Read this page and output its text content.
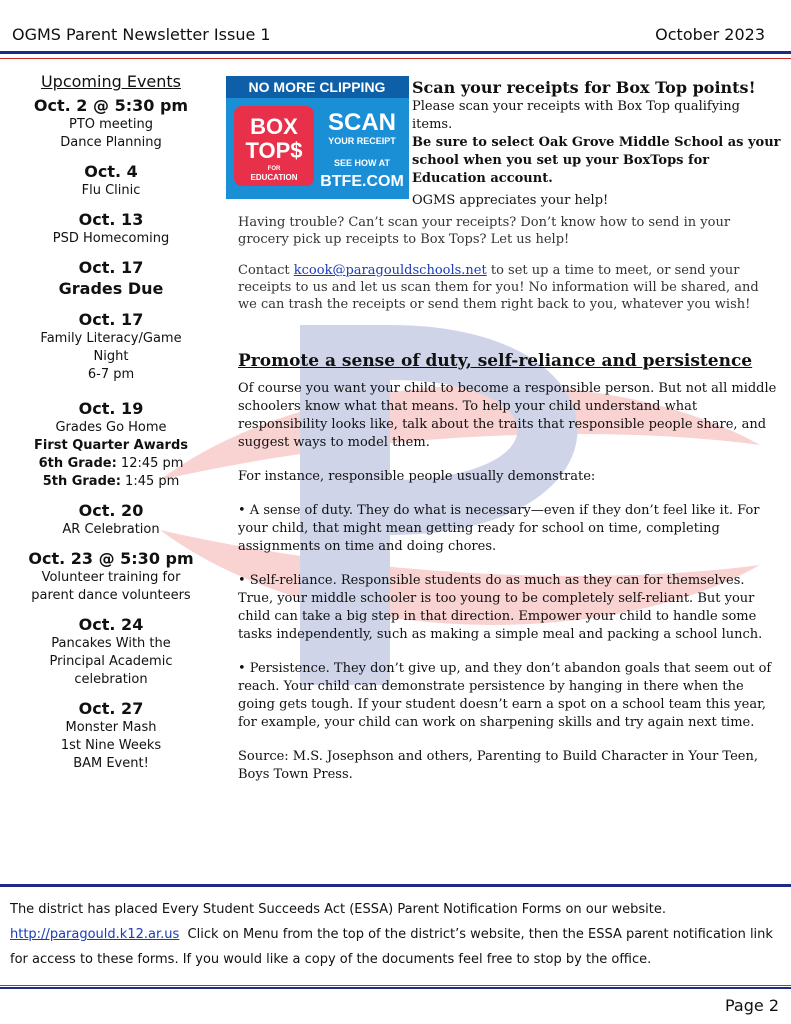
OGMS Parent Newsletter Issue 1	October 2023
Upcoming Events
Oct. 2 @ 5:30 pm
PTO meeting
Dance Planning
Oct. 4
Flu Clinic
Oct. 13
PSD Homecoming
Oct. 17
Grades Due
Oct. 17
Family Literacy/Game
Night
6-7 pm
Oct. 19
Grades Go Home
First Quarter Awards
6th Grade: 12:45 pm
5th Grade: 1:45 pm
Oct. 20
AR Celebration
Oct. 23 @ 5:30 pm
Volunteer training for
parent dance volunteers
Oct. 24
Pancakes With the
Principal Academic
celebration
Oct. 27
Monster Mash
1st Nine Weeks
BAM Event!
NO MORE CLIPPING
BOX
TOP$
FOR
EDUCATION
SCAN
YOUR RECEIPT
SEE HOW AT
BTFE.COM
Scan your receipts for Box Top points!
Please scan your receipts with Box Top qualifying items.
Be sure to select Oak Grove Middle School as your school when you set up your BoxTops for Education account.
OGMS appreciates your help!

Having trouble? Can’t scan your receipts? Don’t know how to send in your grocery pick up receipts to Box Tops? Let us help!

Contact kcook@paragouldschools.net to set up a time to meet, or send your receipts to us and let us scan them for you! No information will be shared, and we can trash the receipts or send them right back to you, whatever you wish!

Promote a sense of duty, self-reliance and persistence

Of course you want your child to become a responsible person. But not all middle schoolers know what that means. To help your child understand what responsibility looks like, talk about the traits that responsible people share, and suggest ways to model them.

For instance, responsible people usually demonstrate:

• A sense of duty. They do what is necessary—even if they don’t feel like it. For your child, that might mean getting ready for school on time, completing assignments on time and doing chores.

• Self-reliance. Responsible students do as much as they can for themselves. True, your middle schooler is too young to be completely self-reliant. But your child can take a big step in that direction. Empower your child to handle some tasks independently, such as making a simple meal and packing a school lunch.

• Persistence. They don’t give up, and they don’t abandon goals that seem out of reach. Your child can demonstrate persistence by hanging in there when the going gets tough. If your student doesn’t earn a spot on a school team this year, for example, your child can work on sharpening skills and try again next time.

Source: M.S. Josephson and others, Parenting to Build Character in Your Teen, Boys Town Press.

The district has placed Every Student Succeeds Act (ESSA) Parent Notification Forms on our website.
http://paragould.k12.ar.us  Click on Menu from the top of the district’s website, then the ESSA parent notification link
for access to these forms. If you would like a copy of the documents feel free to stop by the office.
Page 2
